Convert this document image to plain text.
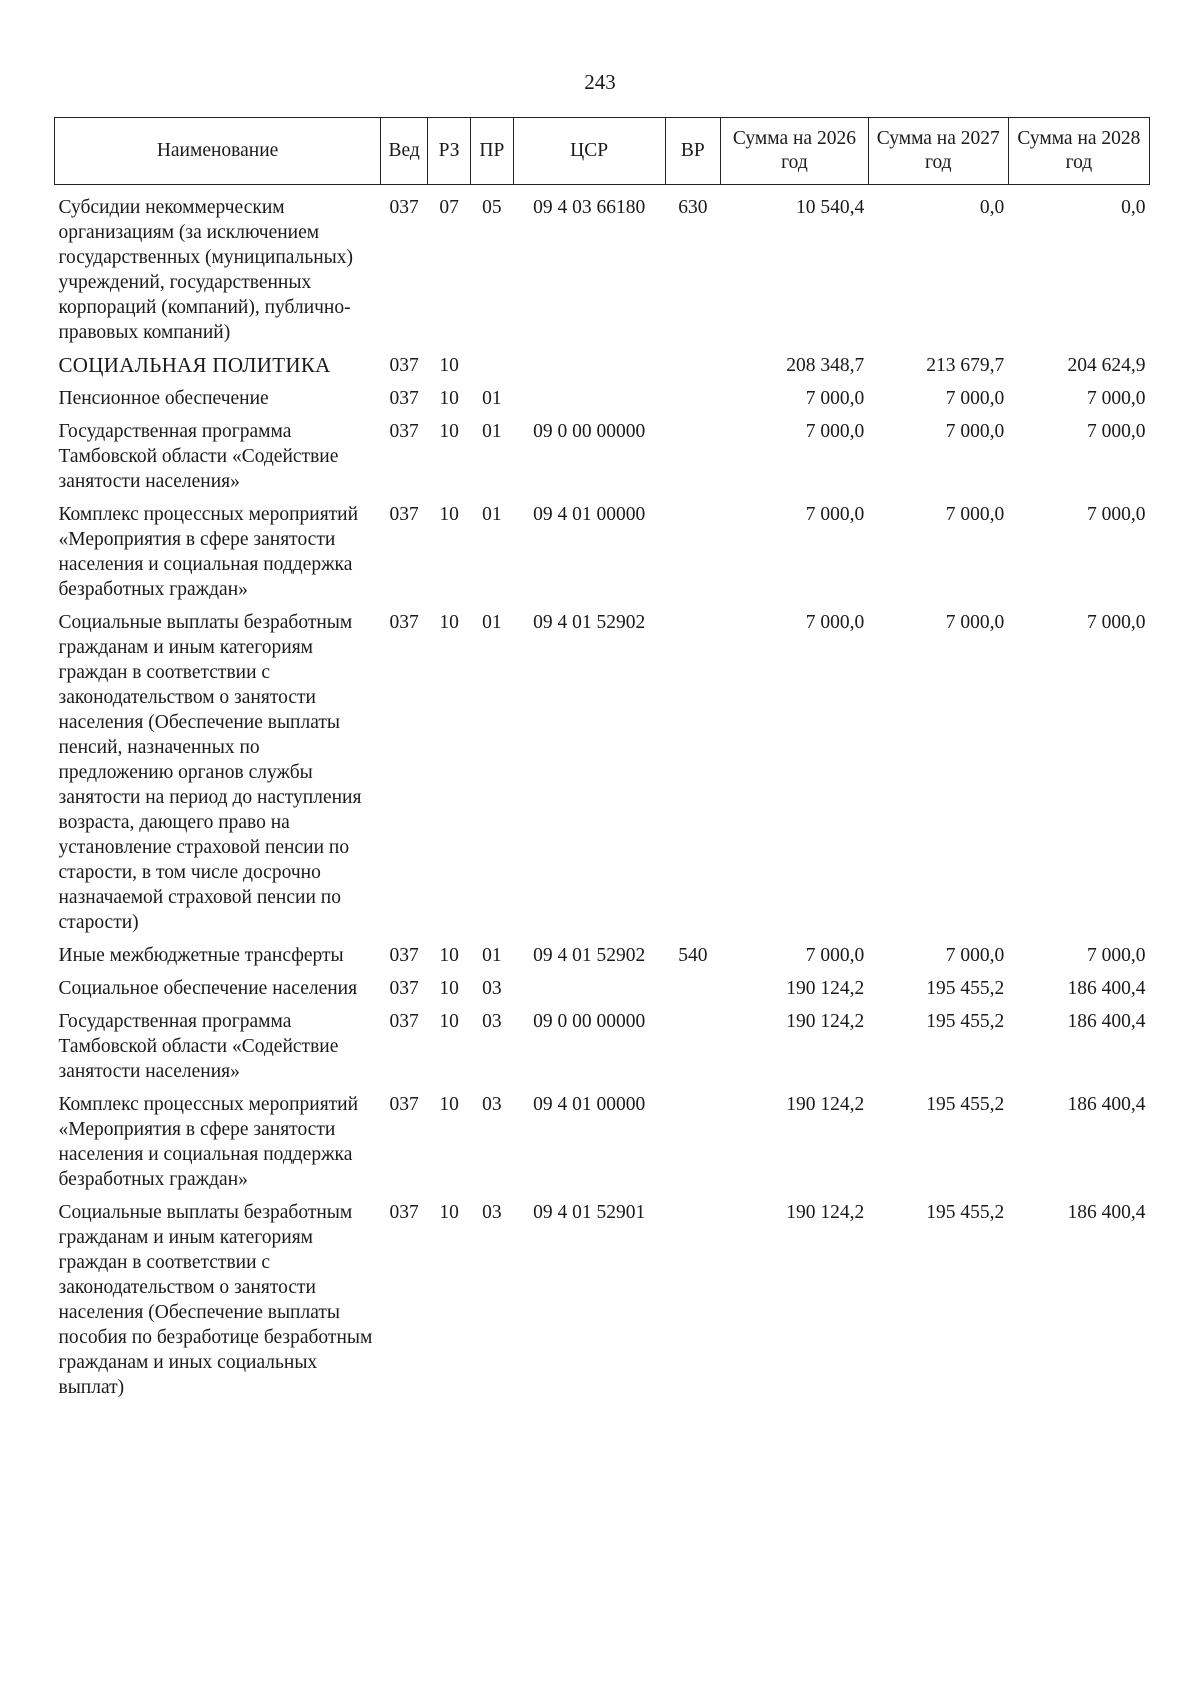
243
Наименование	Вед	РЗ	ПР	ЦСР	ВР	Сумма на 2026 год	Сумма на 2027 год	Сумма на 2028 год
Субсидии некоммерческим организациям (за исключением государственных (муниципальных) учреждений, государственных корпораций (компаний), публично-правовых компаний)	037	07	05	09 4 03 66180	630	10 540,4	0,0	0,0
СОЦИАЛЬНАЯ ПОЛИТИКА	037	10				208 348,7	213 679,7	204 624,9
Пенсионное обеспечение	037	10	01			7 000,0	7 000,0	7 000,0
Государственная программа Тамбовской области «Содействие занятости населения»	037	10	01	09 0 00 00000		7 000,0	7 000,0	7 000,0
Комплекс процессных мероприятий «Мероприятия в сфере занятости населения и социальная поддержка безработных граждан»	037	10	01	09 4 01 00000		7 000,0	7 000,0	7 000,0
Социальные выплаты безработным гражданам и иным категориям граждан в соответствии с законодательством о занятости населения (Обеспечение выплаты пенсий, назначенных по предложению органов службы занятости на период до наступления возраста, дающего право на установление страховой пенсии по старости, в том числе досрочно назначаемой страховой пенсии по старости)	037	10	01	09 4 01 52902		7 000,0	7 000,0	7 000,0
Иные межбюджетные трансферты	037	10	01	09 4 01 52902	540	7 000,0	7 000,0	7 000,0
Социальное обеспечение населения	037	10	03			190 124,2	195 455,2	186 400,4
Государственная программа Тамбовской области «Содействие занятости населения»	037	10	03	09 0 00 00000		190 124,2	195 455,2	186 400,4
Комплекс процессных мероприятий «Мероприятия в сфере занятости населения и социальная поддержка безработных граждан»	037	10	03	09 4 01 00000		190 124,2	195 455,2	186 400,4
Социальные выплаты безработным гражданам и иным категориям граждан в соответствии с законодательством о занятости населения (Обеспечение выплаты пособия по безработице безработным гражданам и иных социальных выплат)	037	10	03	09 4 01 52901		190 124,2	195 455,2	186 400,4
